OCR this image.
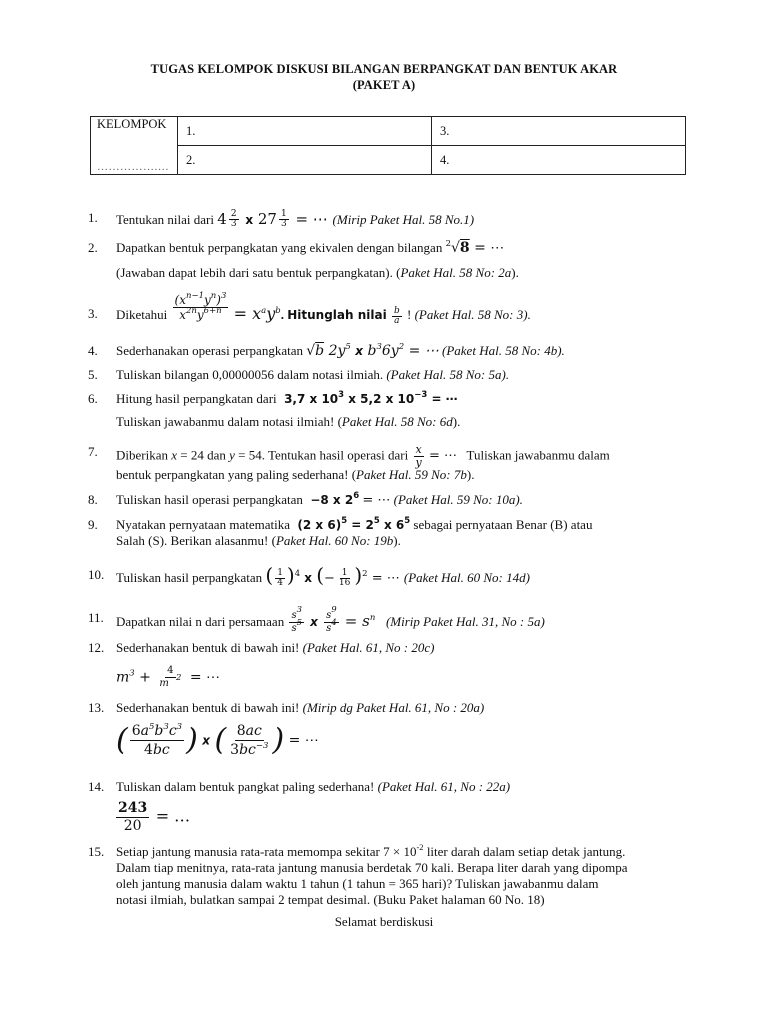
TUGAS KELOMPOK DISKUSI BILANGAN BERPANGKAT DAN BENTUK AKAR
(PAKET A)
KELOMPOK
…………….…	1.	3.
	2.	4.
1.	Tentukan nilai dari $4 \frac{2}{3}$ x $27 \frac{1}{3}$ = ⋯ (Mirip Paket Hal. 58 No.1)
2.	Dapatkan bentuk perpangkatan yang ekivalen dengan bilangan $^2$√8 = ⋯
(Jawaban dapat lebih dari satu bentuk perpangkatan). (Paket Hal. 58 No: 2a).
3.	Diketahui $\frac{(x^{n-1}y^n)^3}{x^{2n}y^{6+n}} = x^ay^b$. Hitunglah nilai $\frac{b}{a}$ ! (Paket Hal. 58 No: 3).
4.	Sederhanakan operasi perpangkatan √b $2y^5$ x $b^36y^2$ = ⋯ (Paket Hal. 58 No: 4b).
5.	Tuliskan bilangan 0,00000056 dalam notasi ilmiah. (Paket Hal. 58 No: 5a).
6.	Hitung hasil perpangkatan dari  3,7 x $10^3$ x 5,2 x $10^{-3}$ = ⋯
Tuliskan jawabanmu dalam notasi ilmiah! (Paket Hal. 58 No: 6d).
7.	Diberikan x = 24 dan y = 54. Tentukan hasil operasi dari $\frac{x}{y}$ = ⋯ Tuliskan jawabanmu dalam
bentuk perpangkatan yang paling sederhana! (Paket Hal. 59 No: 7b).
8.	Tuliskan hasil operasi perpangkatan  −8 x $2^6$ = ⋯ (Paket Hal. 59 No: 10a).
9.	Nyatakan pernyataan matematika  (2 x $6)^5 = 2^5$ x $6^5$ sebagai pernyataan Benar (B) atau
Salah (S). Berikan alasanmu! (Paket Hal. 60 No: 19b).
10. Tuliskan hasil perpangkatan ( $\frac{1}{4} )^4$ x (− $\frac{1}{16} )^2$ = ⋯ (Paket Hal. 60 No: 14d)
11. Dapatkan nilai n dari persamaan $\frac{s^3}{s^5}$ x $\frac{s^9}{s^4} = s^n$ (Mirip Paket Hal. 31, No : 5a)
12. Sederhanakan bentuk di bawah ini! (Paket Hal. 61, No : 20c)
$m^3 + \frac{4}{m^{-2}}$ = ⋯
13. Sederhanakan bentuk di bawah ini! (Mirip dg Paket Hal. 61, No : 20a)
( $\frac{6a^5b^3c^3}{4bc}$ ) x ( $\frac{8ac}{3bc^{-3}}$ ) = ⋯
14. Tuliskan dalam bentuk pangkat paling sederhana! (Paket Hal. 61, No : 22a)
$\frac{243}{20}$ = …
15. Setiap jantung manusia rata-rata memompa sekitar $7 \times 10^{-2}$ liter darah dalam setiap detak jantung.
Dalam tiap menitnya, rata-rata jantung manusia berdetak 70 kali. Berapa liter darah yang dipompa
oleh jantung manusia dalam waktu 1 tahun (1 tahun = 365 hari)? Tuliskan jawabanmu dalam
notasi ilmiah, bulatkan sampai 2 tempat desimal. (Buku Paket halaman 60 No. 18)
Selamat berdiskusi
